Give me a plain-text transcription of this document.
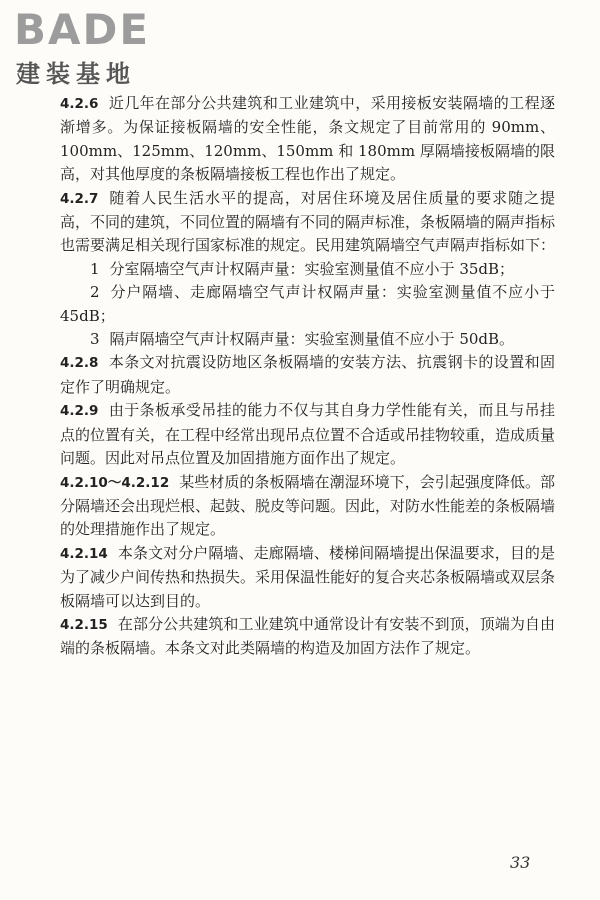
BADE
建装基地

4.2.6 近几年在部分公共建筑和工业建筑中，采用接板安装隔墙的工程逐渐增多。为保证接板隔墙的安全性能，条文规定了目前常用的 90mm、100mm、125mm、120mm、150mm 和 180mm 厚隔墙接板隔墙的限高，对其他厚度的条板隔墙接板工程也作出了规定。

4.2.7 随着人民生活水平的提高，对居住环境及居住质量的要求随之提高，不同的建筑，不同位置的隔墙有不同的隔声标准，条板隔墙的隔声指标也需要满足相关现行国家标准的规定。民用建筑隔墙空气声隔声指标如下：

1 分室隔墙空气声计权隔声量：实验室测量值不应小于 35dB；

2 分户隔墙、走廊隔墙空气声计权隔声量：实验室测量值不应小于 45dB；

3 隔声隔墙空气声计权隔声量：实验室测量值不应小于 50dB。

4.2.8 本条文对抗震设防地区条板隔墙的安装方法、抗震钢卡的设置和固定作了明确规定。

4.2.9 由于条板承受吊挂的能力不仅与其自身力学性能有关，而且与吊挂点的位置有关，在工程中经常出现吊点位置不合适或吊挂物较重，造成质量问题。因此对吊点位置及加固措施方面作出了规定。

4.2.10～4.2.12 某些材质的条板隔墙在潮湿环境下，会引起强度降低。部分隔墙还会出现烂根、起鼓、脱皮等问题。因此，对防水性能差的条板隔墙的处理措施作出了规定。

4.2.14 本条文对分户隔墙、走廊隔墙、楼梯间隔墙提出保温要求，目的是为了减少户间传热和热损失。采用保温性能好的复合夹芯条板隔墙或双层条板隔墙可以达到目的。

4.2.15 在部分公共建筑和工业建筑中通常设计有安装不到顶，顶端为自由端的条板隔墙。本条文对此类隔墙的构造及加固方法作了规定。

33
